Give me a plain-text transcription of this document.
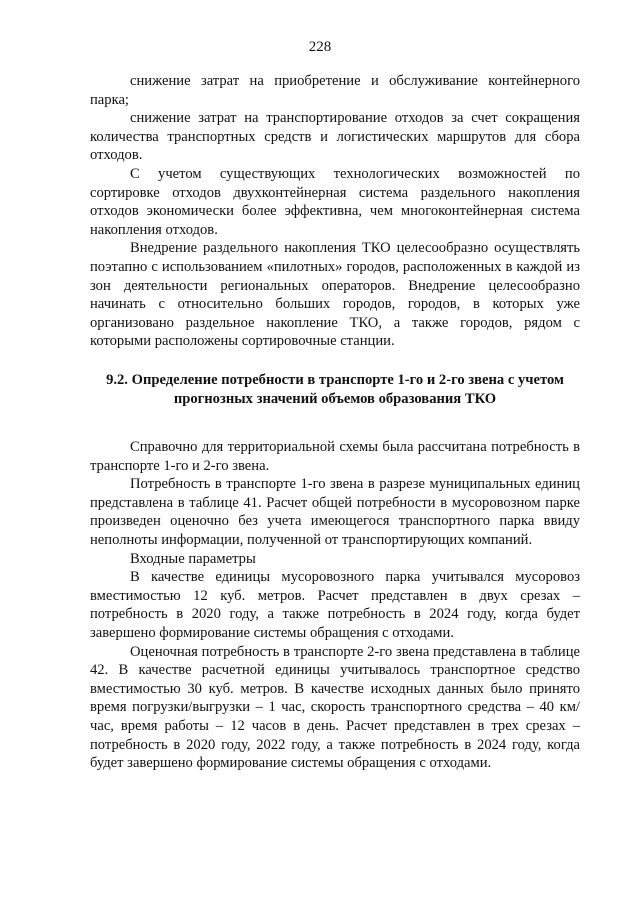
228

снижение затрат на приобретение и обслуживание контейнерного парка;

снижение затрат на транспортирование отходов за счет сокращения количества транспортных средств и логистических маршрутов для сбора отходов.

С учетом существующих технологических возможностей по сортировке отходов двухконтейнерная система раздельного накопления отходов экономически более эффективна, чем многоконтейнерная система накопления отходов.

Внедрение раздельного накопления ТКО целесообразно осуществлять поэтапно с использованием «пилотных» городов, расположенных в каждой из зон деятельности региональных операторов. Внедрение целесообразно начинать с относительно больших городов, городов, в которых уже организовано раздельное накопление ТКО, а также городов, рядом с которыми расположены сортировочные станции.

9.2. Определение потребности в транспорте 1-го и 2-го звена с учетом
прогнозных значений объемов образования ТКО

Справочно для территориальной схемы была рассчитана потребность в транспорте 1-го и 2-го звена.

Потребность в транспорте 1-го звена в разрезе муниципальных единиц представлена в таблице 41. Расчет общей потребности в мусоровозном парке произведен оценочно без учета имеющегося транспортного парка ввиду неполноты информации, полученной от транспортирующих компаний.

Входные параметры

В качестве единицы мусоровозного парка учитывался мусоровоз вместимостью 12 куб. метров. Расчет представлен в двух срезах – потребность в 2020 году, а также потребность в 2024 году, когда будет завершено формирование системы обращения с отходами.

Оценочная потребность в транспорте 2-го звена представлена в таблице 42. В качестве расчетной единицы учитывалось транспортное средство вместимостью 30 куб. метров. В качестве исходных данных было принято время погрузки/выгрузки – 1 час, скорость транспортного средства – 40 км/час, время работы – 12 часов в день. Расчет представлен в трех срезах – потребность в 2020 году, 2022 году, а также потребность в 2024 году, когда будет завершено формирование системы обращения с отходами.
